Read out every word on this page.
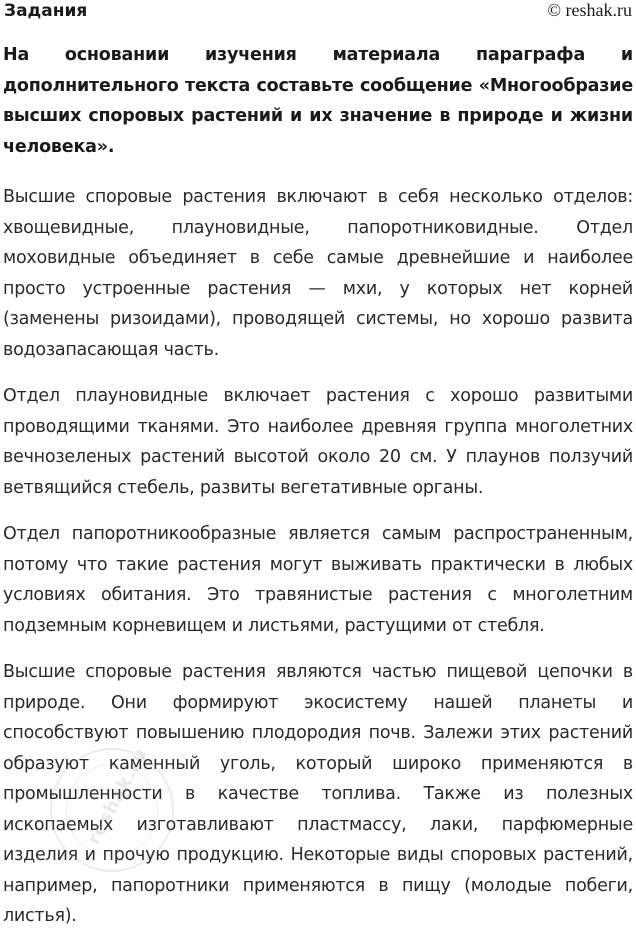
Задания	© reshak.ru
На основании изучения материала параграфа и дополнительного текста составьте сообщение «Многообразие высших споровых растений и их значение в природе и жизни человека».

Высшие споровые растения включают в себя несколько отделов: хвощевидные, плауновидные, папоротниковидные. Отдел моховидные объединяет в себе самые древнейшие и наиболее просто устроенные растения — мхи, у которых нет корней (заменены ризоидами), проводящей системы, но хорошо развита водозапасающая часть.

Отдел плауновидные включает растения с хорошо развитыми проводящими тканями. Это наиболее древняя группа многолетних вечнозеленых растений высотой около 20 см. У плаунов ползучий ветвящийся стебель, развиты вегетативные органы.

Отдел папоротникообразные является самым распространенным, потому что такие растения могут выживать практически в любых условиях обитания. Это травянистые растения с многолетним подземным корневищем и листьями, растущими от стебля.

Высшие споровые растения являются частью пищевой цепочки в природе. Они формируют экосистему нашей планеты и способствуют повышению плодородия почв. Залежи этих растений образуют каменный уголь, который широко применяются в промышленности в качестве топлива. Также из полезных ископаемых изготавливают пластмассу, лаки, парфюмерные изделия и прочую продукцию. Некоторые виды споровых растений, например, папоротники применяются в пищу (молодые побеги, листья).

reshak.ru
